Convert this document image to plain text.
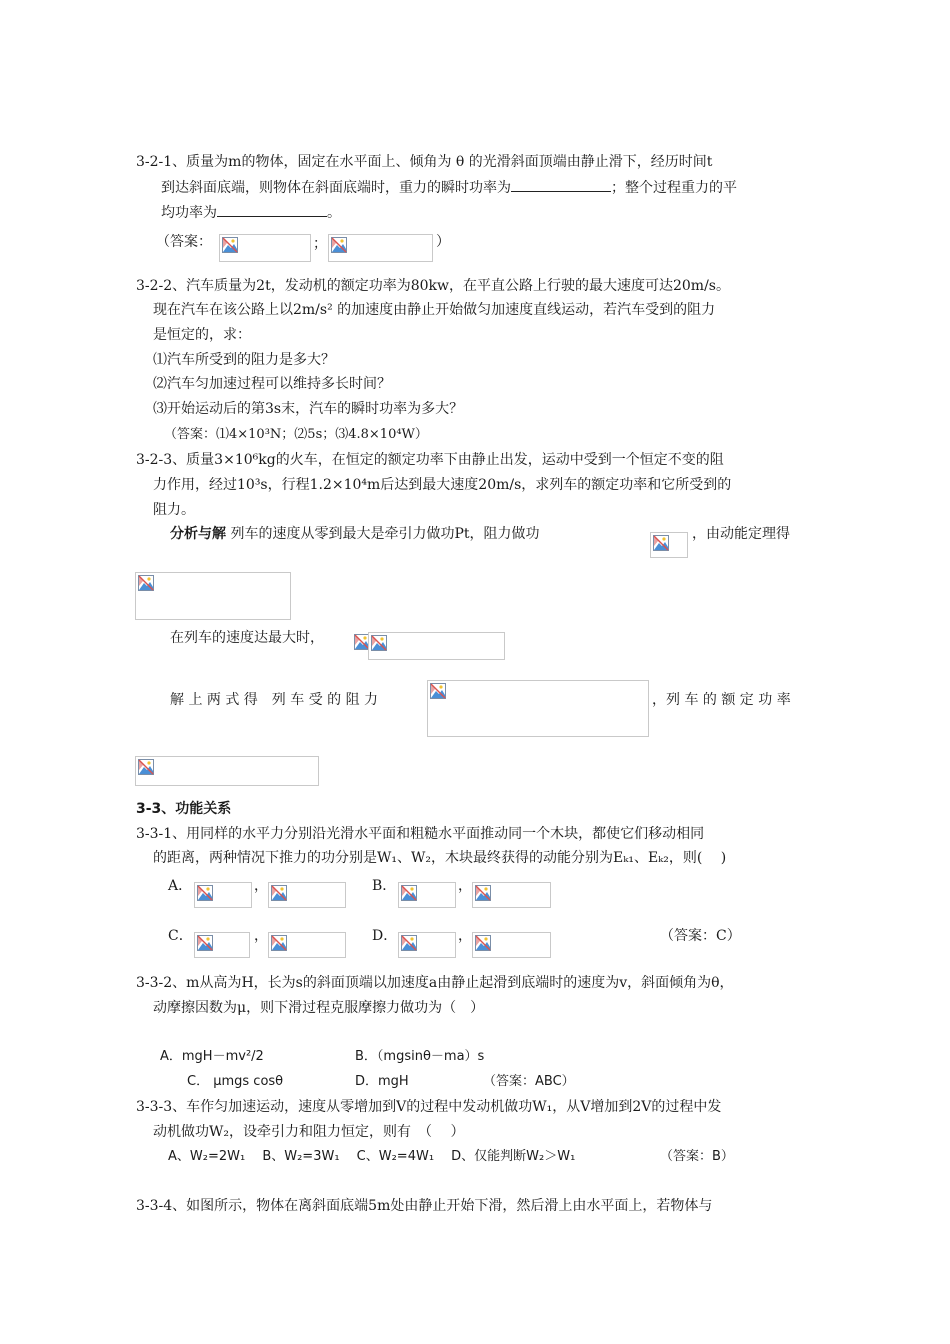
3-2-1、质量为m的物体，固定在水平面上、倾角为 θ 的光滑斜面顶端由静止滑下，经历时间t
到达斜面底端，则物体在斜面底端时，重力的瞬时功率为	；整个过程重力的平
均功率为	。
（答案：	；	）
3-2-2、汽车质量为2t，发动机的额定功率为80kw，在平直公路上行驶的最大速度可达20m/s。
现在汽车在该公路上以2m/s² 的加速度由静止开始做匀加速度直线运动，若汽车受到的阻力
是恒定的，求：
⑴汽车所受到的阻力是多大？
⑵汽车匀加速过程可以维持多长时间？
⑶开始运动后的第3s末，汽车的瞬时功率为多大？
（答案：⑴4×10³N；⑵5s；⑶4.8×10⁴W）
3-2-3、质量3×10⁶kg的火车，在恒定的额定功率下由静止出发，运动中受到一个恒定不变的阻
力作用，经过10³s，行程1.2×10⁴m后达到最大速度20m/s，求列车的额定功率和它所受到的
阻力。
分析与解 列车的速度从零到最大是牵引力做功Pt，阻力做功	，由动能定理得
在列车的速度达最大时，
解 上 两 式 得　列 车 受 的 阻 力	，列 车 的 额 定 功 率
3-3、功能关系
3-3-1、用同样的水平力分别沿光滑水平面和粗糙水平面推动同一个木块，都使它们移动相同
的距离，两种情况下推力的功分别是W₁、W₂，木块最终获得的动能分别为Eₖ₁、Eₖ₂，则(　 )
A．	，	B．	，
C．	，	D．	，	（答案：C）
3-3-2、m从高为H，长为s的斜面顶端以加速度a由静止起滑到底端时的速度为v，斜面倾角为θ，
动摩擦因数为μ，则下滑过程克服摩擦力做功为（　）
A．mgH－mv²/2	B．（mgsinθ－ma）s
C． μmgs cosθ	D．mgH	（答案：ABC）
3-3-3、车作匀加速运动，速度从零增加到V的过程中发动机做功W₁，从V增加到2V的过程中发
动机做功W₂，设牵引力和阻力恒定，则有　（　 ）
A、W₂=2W₁　 B、W₂=3W₁　 C、W₂=4W₁　 D、仅能判断W₂＞W₁	（答案：B）
3-3-4、如图所示，物体在离斜面底端5m处由静止开始下滑，然后滑上由水平面上，若物体与
